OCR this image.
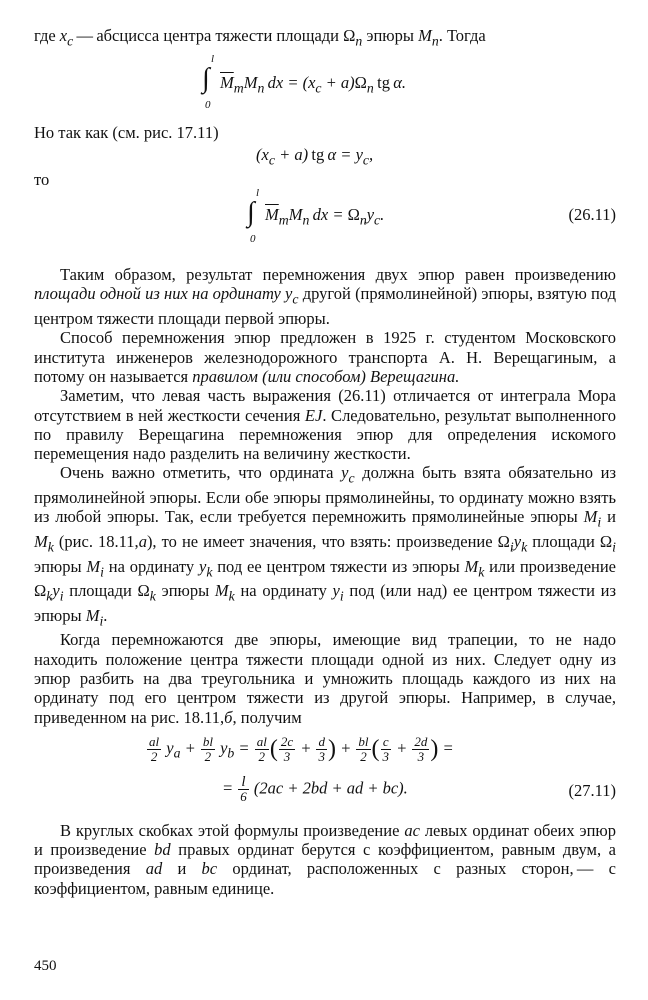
где $x_c$ — абсцисса центра тяжести площади $\Omega_n$ эпюры $M_n$. Тогда

l
∫
0
$\overline{M}_mM_n$ dx = $(x_c + a)\Omega_n$  tg α.

Но так как (см. рис. 17.11)

$(x_c + a)$ tg $\alpha = y_c$,

то

l
∫
0
$\overline{M}_mM_n$ dx = $\Omega_ny_c$.	(26.11)

Таким образом, результат перемножения двух эпюр равен произведению площади одной из них на ординату $y_c$ другой (прямолинейной) эпюры, взятую под центром тяжести площади первой эпюры.

Способ перемножения эпюр предложен в 1925 г. студентом Московского института инженеров железнодорожного транспорта А. Н. Верещагиным, а потому он называется правилом (или способом) Верещагина.

Заметим, что левая часть выражения (26.11) отличается от интеграла Мора отсутствием в ней жесткости сечения EJ. Следовательно, результат выполненного по правилу Верещагина перемножения эпюр для определения искомого перемещения надо разделить на величину жесткости.

Очень важно отметить, что ордината $y_c$ должна быть взята обязательно из прямолинейной эпюры. Если обе эпюры прямолинейны, то ординату можно взять из любой эпюры. Так, если требуется перемножить прямолинейные эпюры $M_i$ и $M_k$ (рис. 18.11,а), то не имеет значения, что взять: произведение $\Omega_iy_k$ площади $\Omega_i$ эпюры $M_i$ на ординату $y_k$ под ее центром тяжести из эпюры $M_k$ или произведение $\Omega_ky_i$ площади $\Omega_k$ эпюры $M_k$ на ординату $y_i$ под (или над) ее центром тяжести из эпюры $M_i$.

Когда перемножаются две эпюры, имеющие вид трапеции, то не надо находить положение центра тяжести площади одной из них. Следует одну из эпюр разбить на два треугольника и умножить площадь каждого из них на ординату под его центром тяжести из другой эпюры. Например, в случае, приведенном на рис. 18.11,б, получим

$\frac{al}{2} y_a + \frac{bl}{2} y_b = \frac{al}{2}$ ( $\frac{2c}{3} + \frac{d}{3}$ ) + $\frac{bl}{2}$ ( $\frac{c}{3} + \frac{2d}{3}$ ) =
= $\frac{l}{6} (2ac + 2bd$ + ad + bc).	(27.11)

В круглых скобках этой формулы произведение ac левых ординат обеих эпюр и произведение bd правых ординат берутся с коэффициентом, равным двум, а произведения ad и bc ординат, расположенных с разных сторон, — с коэффициентом, равным единице.

450
